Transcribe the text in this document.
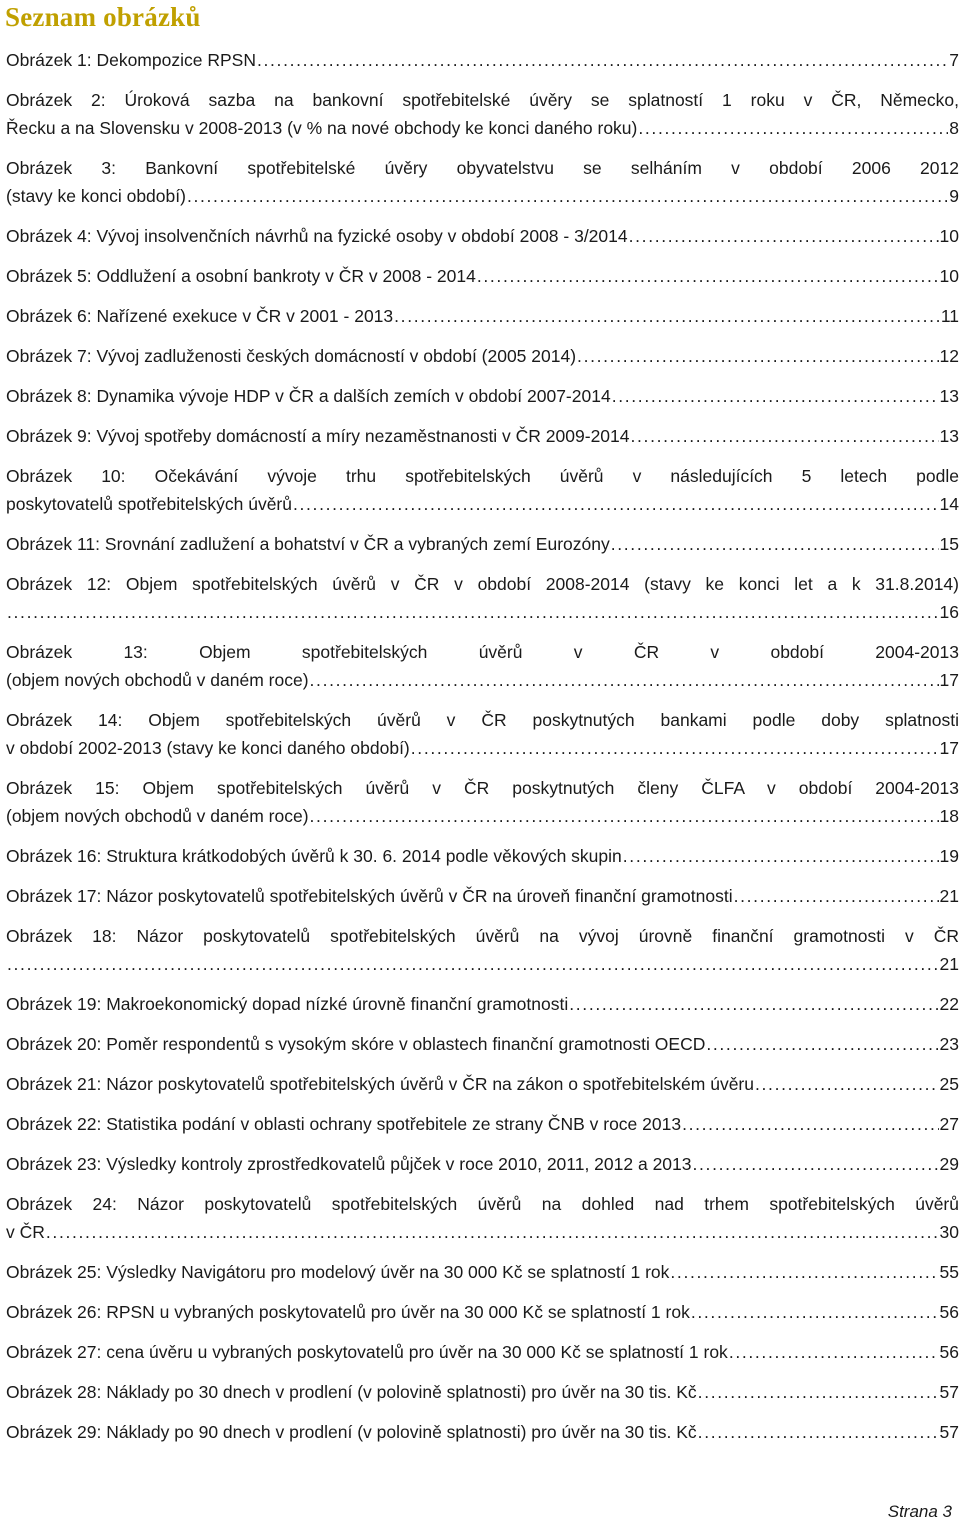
Seznam obrázků
Obrázek 1: Dekompozice RPSN . . .	7
Obrázek 2: Úroková sazba na bankovní spotřebitelské úvěry se splatností 1 roku v ČR, Německo,
Řecku a na Slovensku v 2008-2013 (v % na nové obchody ke konci daného roku) . . .	8
Obrázek 3: Bankovní spotřebitelské úvěry obyvatelstvu se selháním v období 2006 2012
(stavy ke konci období) . . .	9
Obrázek 4: Vývoj insolvenčních návrhů na fyzické osoby v období 2008 - 3/2014 . . .	10
Obrázek 5: Oddlužení a osobní bankroty v ČR v 2008 - 2014 . . .	10
Obrázek 6: Nařízené exekuce v ČR v 2001 - 2013 . . .	11
Obrázek 7: Vývoj zadluženosti českých domácností v období (2005 2014) . . .	12
Obrázek 8: Dynamika vývoje HDP v ČR a dalších zemích v období 2007-2014 . . .	13
Obrázek 9: Vývoj spotřeby domácností a míry nezaměstnanosti v ČR 2009-2014 . . .	13
Obrázek 10: Očekávání vývoje trhu spotřebitelských úvěrů v následujících 5 letech podle
poskytovatelů spotřebitelských úvěrů . . .	14
Obrázek 11: Srovnání zadlužení a bohatství v ČR a vybraných zemí Eurozóny . . .	15
Obrázek 12: Objem spotřebitelských úvěrů v ČR v období 2008-2014 (stavy ke konci let a k 31.8.2014)
. . .
16
Obrázek 13: Objem spotřebitelských úvěrů v ČR v období 2004-2013
(objem nových obchodů v daném roce) . . .	17
Obrázek 14: Objem spotřebitelských úvěrů v ČR poskytnutých bankami podle doby splatnosti
v období 2002-2013 (stavy ke konci daného období) . . .	17
Obrázek 15: Objem spotřebitelských úvěrů v ČR poskytnutých členy ČLFA v období 2004-2013
(objem nových obchodů v daném roce) . . .	18
Obrázek 16: Struktura krátkodobých úvěrů k 30. 6. 2014 podle věkových skupin . . .	19
Obrázek 17: Názor poskytovatelů spotřebitelských úvěrů v ČR na úroveň finanční gramotnosti . . .	21
Obrázek 18: Názor poskytovatelů spotřebitelských úvěrů na vývoj úrovně finanční gramotnosti v ČR
. . .
21
Obrázek 19: Makroekonomický dopad nízké úrovně finanční gramotnosti . . .	22
Obrázek 20: Poměr respondentů s vysokým skóre v oblastech finanční gramotnosti OECD . . .	23
Obrázek 21: Názor poskytovatelů spotřebitelských úvěrů v ČR na zákon o spotřebitelském úvěru . . .	25
Obrázek 22: Statistika podání v oblasti ochrany spotřebitele ze strany ČNB v roce 2013 . . .	27
Obrázek 23: Výsledky kontroly zprostředkovatelů půjček v roce 2010, 2011, 2012 a 2013 . . .	29
Obrázek 24: Názor poskytovatelů spotřebitelských úvěrů na dohled nad trhem spotřebitelských úvěrů
v ČR . . .	30
Obrázek 25: Výsledky Navigátoru pro modelový úvěr na 30 000 Kč se splatností 1 rok . . .	55
Obrázek 26: RPSN u vybraných poskytovatelů pro úvěr na 30 000 Kč se splatností 1 rok . . .	56
Obrázek 27: cena úvěru u vybraných poskytovatelů pro úvěr na 30 000 Kč se splatností 1 rok . . .	56
Obrázek 28: Náklady po 30 dnech v prodlení (v polovině splatnosti) pro úvěr na 30 tis. Kč . . .	57
Obrázek 29: Náklady po 90 dnech v prodlení (v polovině splatnosti) pro úvěr na 30 tis. Kč . . .	57
Strana 3
